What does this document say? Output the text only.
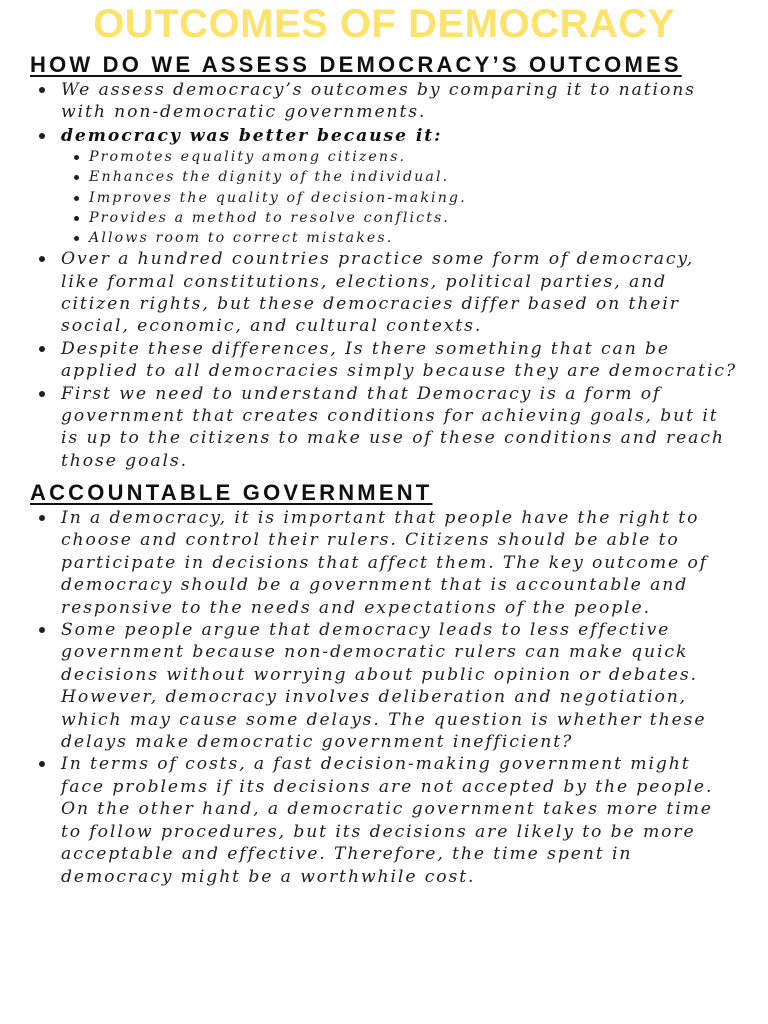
OUTCOMES OF DEMOCRACY
HOW DO WE ASSESS DEMOCRACY’S OUTCOMES
We assess democracy’s outcomes by comparing it to nations with non-democratic governments.
democracy was better because it:
Promotes equality among citizens.
Enhances the dignity of the individual.
Improves the quality of decision-making.
Provides a method to resolve conflicts.
Allows room to correct mistakes.
Over a hundred countries practice some form of democracy, like formal constitutions, elections, political parties, and citizen rights, but these democracies differ based on their social, economic, and cultural contexts.
Despite these differences, Is there something that can be applied to all democracies simply because they are democratic?
First we need to understand that Democracy is a form of government that creates conditions for achieving goals, but it is up to the citizens to make use of these conditions and reach those goals.
ACCOUNTABLE GOVERNMENT
In a democracy, it is important that people have the right to choose and control their rulers. Citizens should be able to participate in decisions that affect them. The key outcome of democracy should be a government that is accountable and responsive to the needs and expectations of the people.
Some people argue that democracy leads to less effective government because non-democratic rulers can make quick decisions without worrying about public opinion or debates. However, democracy involves deliberation and negotiation, which may cause some delays. The question is whether these delays make democratic government inefficient?
In terms of costs, a fast decision-making government might face problems if its decisions are not accepted by the people. On the other hand, a democratic government takes more time to follow procedures, but its decisions are likely to be more acceptable and effective. Therefore, the time spent in democracy might be a worthwhile cost.
